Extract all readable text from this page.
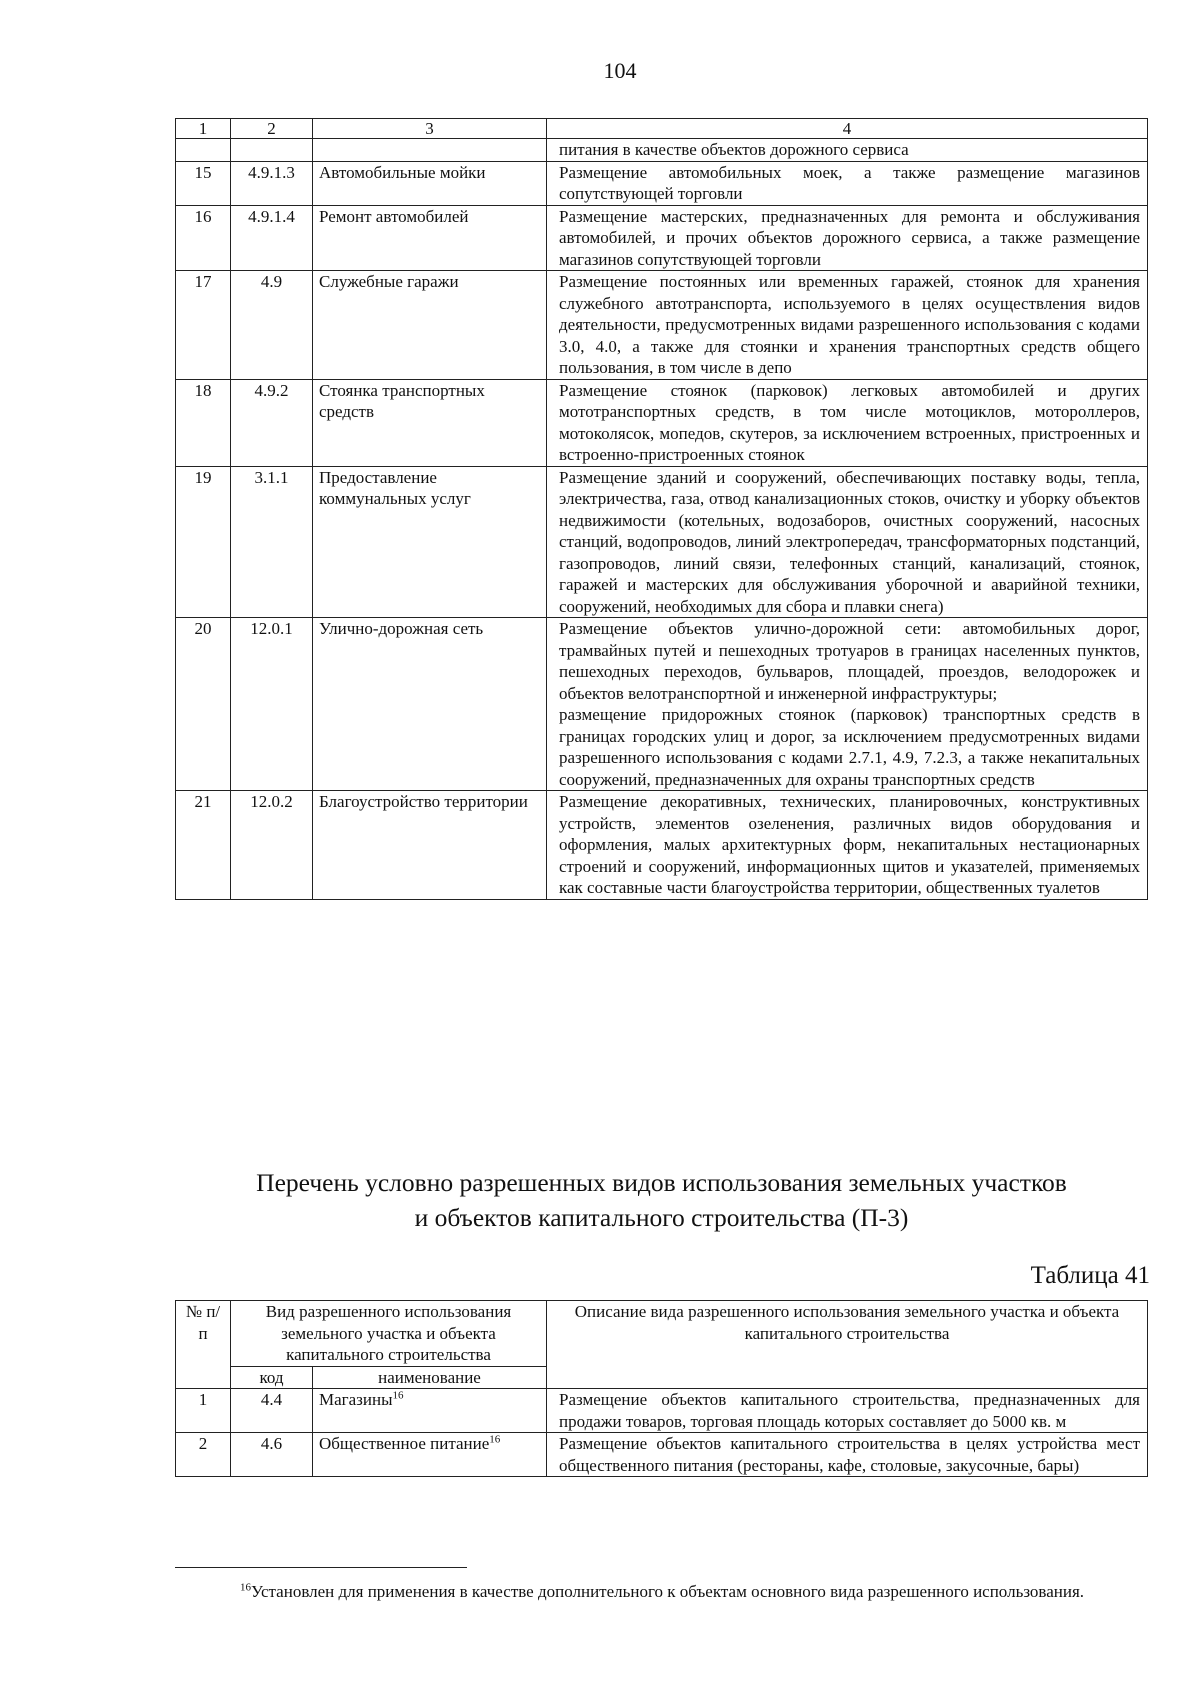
104
1	2	3	4
			питания в качестве объектов дорожного сервиса
15	4.9.1.3	Автомобильные мойки	Размещение автомобильных моек, а также размещение магазинов сопутствующей торговли
16	4.9.1.4	Ремонт автомобилей	Размещение мастерских, предназначенных для ремонта и обслуживания автомобилей, и прочих объектов дорожного сервиса, а также размещение магазинов сопутствующей торговли
17	4.9	Служебные гаражи	Размещение постоянных или временных гаражей, стоянок для хранения служебного автотранспорта, используемого в целях осуществления видов деятельности, предусмотренных видами разрешенного использования с кодами 3.0, 4.0, а также для стоянки и хранения транспортных средств общего пользования, в том числе в депо
18	4.9.2	Стоянка транспортных средств	Размещение стоянок (парковок) легковых автомобилей и других мототранспортных средств, в том числе мотоциклов, мотороллеров, мотоколясок, мопедов, скутеров, за исключением встроенных, пристроенных и встроенно-пристроенных стоянок
19	3.1.1	Предоставление коммунальных услуг	Размещение зданий и сооружений, обеспечивающих поставку воды, тепла, электричества, газа, отвод канализационных стоков, очистку и уборку объектов недвижимости (котельных, водозаборов, очистных сооружений, насосных станций, водопроводов, линий электропередач, трансформаторных подстанций, газопроводов, линий связи, телефонных станций, канализаций, стоянок, гаражей и мастерских для обслуживания уборочной и аварийной техники, сооружений, необходимых для сбора и плавки снега)
20	12.0.1	Улично-дорожная сеть	Размещение объектов улично-дорожной сети: автомобильных дорог, трамвайных путей и пешеходных тротуаров в границах населенных пунктов, пешеходных переходов, бульваров, площадей, проездов, велодорожек и объектов велотранспортной и инженерной инфраструктуры;
размещение придорожных стоянок (парковок) транспортных средств в границах городских улиц и дорог, за исключением предусмотренных видами разрешенного использования с кодами 2.7.1, 4.9, 7.2.3, а также некапитальных сооружений, предназначенных для охраны транспортных средств

21	12.0.2	Благоустройство территории	Размещение декоративных, технических, планировочных, конструктивных устройств, элементов озеленения, различных видов оборудования и оформления, малых архитектурных форм, некапитальных нестационарных строений и сооружений, информационных щитов и указателей, применяемых как составные части благоустройства территории, общественных туалетов
Перечень условно разрешенных видов использования земельных участков
и объектов капитального строительства (П-3)
Таблица 41
№ п/п	Вид разрешенного использования земельного участка и объекта капитального строительства		Описание вида разрешенного использования земельного участка и объекта капитального строительства
	код	наименование	
1	4.4	Магазины$^{16}$	Размещение объектов капитального строительства, предназначенных для продажи товаров, торговая площадь которых составляет до 5000 кв. м
2	4.6	Общественное питание$^{16}$	Размещение объектов капитального строительства в целях устройства мест общественного питания (рестораны, кафе, столовые, закусочные, бары)
$^{16}$Установлен для применения в качестве дополнительного к объектам основного вида разрешенного использования.
